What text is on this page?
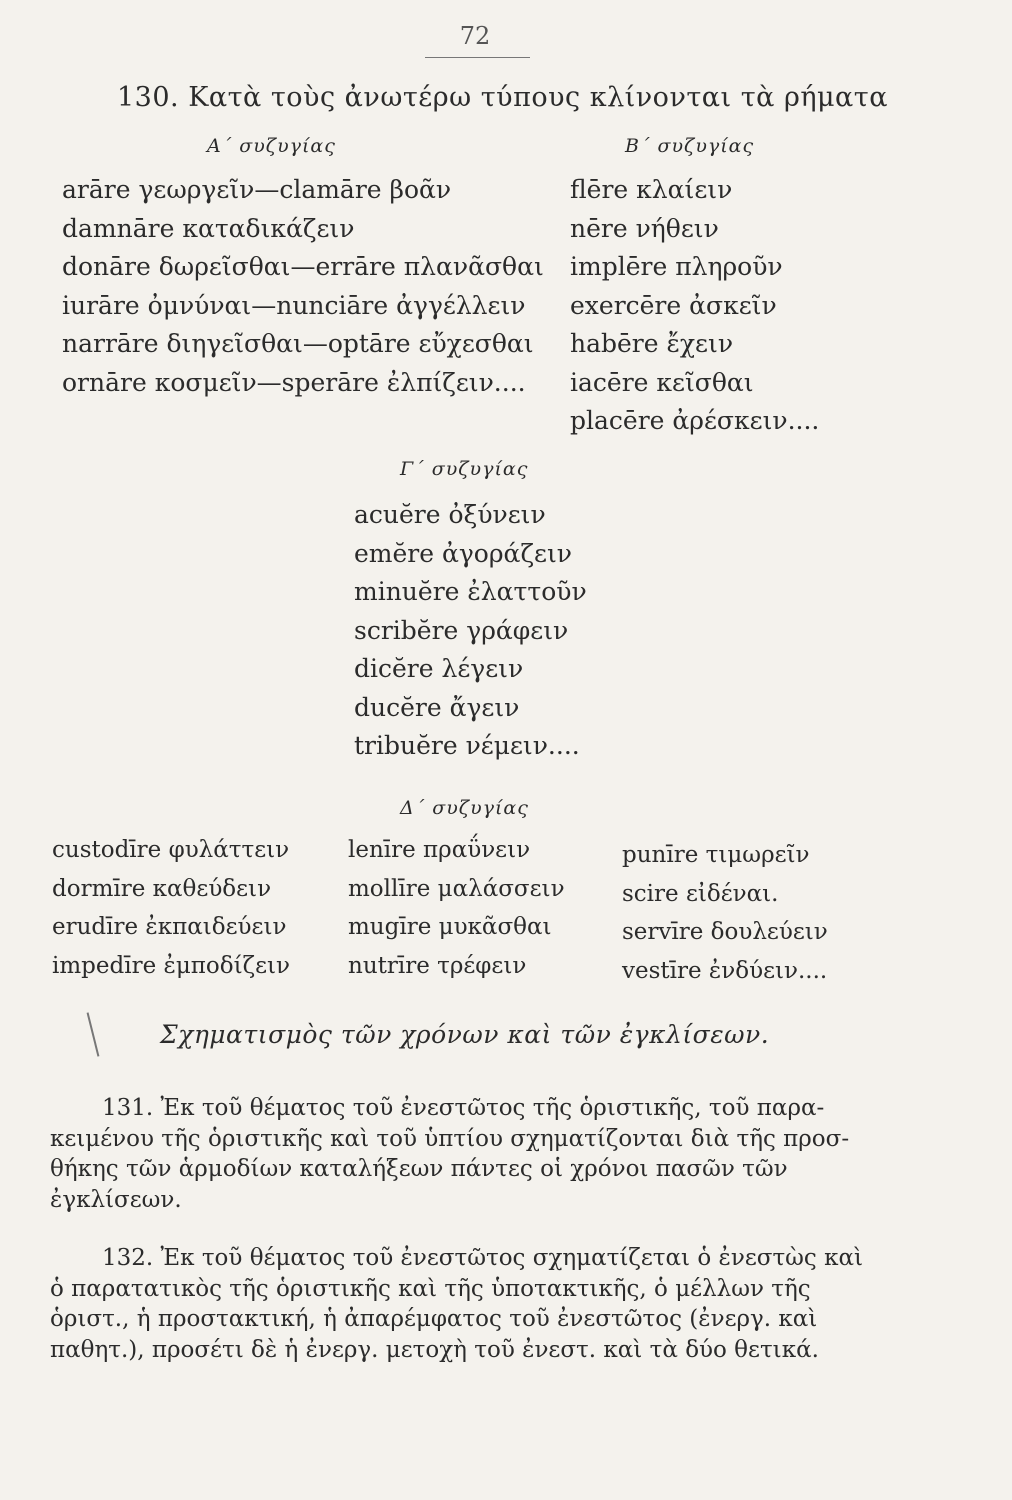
72
130. Κατὰ τοὺς ἀνωτέρω τύπους κλίνονται τὰ ρήματα
Α΄ συζυγίας
arāre γεωργεῖν—clamāre βοᾶν
damnāre καταδικάζειν
donāre δωρεῖσθαι—errāre πλανᾶσθαι
iurāre ὀμνύναι—nunciāre ἀγγέλλειν
narrāre διηγεῖσθαι—optāre εὔχεσθαι
ornāre κοσμεῖν—sperāre ἐλπίζειν....
Β΄ συζυγίας
flēre κλαίειν
nēre νήθειν
implēre πληροῦν
exercēre ἀσκεῖν
habēre ἔχειν
iacēre κεῖσθαι
placēre ἀρέσκειν....
Γ΄ συζυγίας
acuĕre ὀξύνειν
emĕre ἀγοράζειν
minuĕre ἐλαττοῦν
scribĕre γράφειν
dicĕre λέγειν
ducĕre ἄγειν
tribuĕre νέμειν....
Δ΄ συζυγίας
custodīre φυλάττειν
dormīre καθεύδειν
erudīre ἐκπαιδεύειν
impedīre ἐμποδίζειν
lenīre πραΰνειν
mollīre μαλάσσειν
mugīre μυκᾶσθαι
nutrīre τρέφειν
punīre τιμωρεῖν
scire εἰδέναι.
servīre δουλεύειν
vestīre ἐνδύειν....
Σχηματισμὸς τῶν χρόνων καὶ τῶν ἐγκλίσεων.
131. Ἐκ τοῦ θέματος τοῦ ἐνεστῶτος τῆς ὁριστικῆς, τοῦ παρα-
κειμένου τῆς ὁριστικῆς καὶ τοῦ ὑπτίου σχηματίζονται διὰ τῆς προσ-
θήκης τῶν ἁρμοδίων καταλήξεων πάντες οἱ χρόνοι πασῶν τῶν
ἐγκλίσεων.
132. Ἐκ τοῦ θέματος τοῦ ἐνεστῶτος σχηματίζεται ὁ ἐνεστὼς καὶ
ὁ παρατατικὸς τῆς ὁριστικῆς καὶ τῆς ὑποτακτικῆς, ὁ μέλλων τῆς
ὁριστ., ἡ προστακτική, ἡ ἀπαρέμφατος τοῦ ἐνεστῶτος (ἐνεργ. καὶ
παθητ.), προσέτι δὲ ἡ ἐνεργ. μετοχὴ τοῦ ἐνεστ. καὶ τὰ δύο θετικά.
